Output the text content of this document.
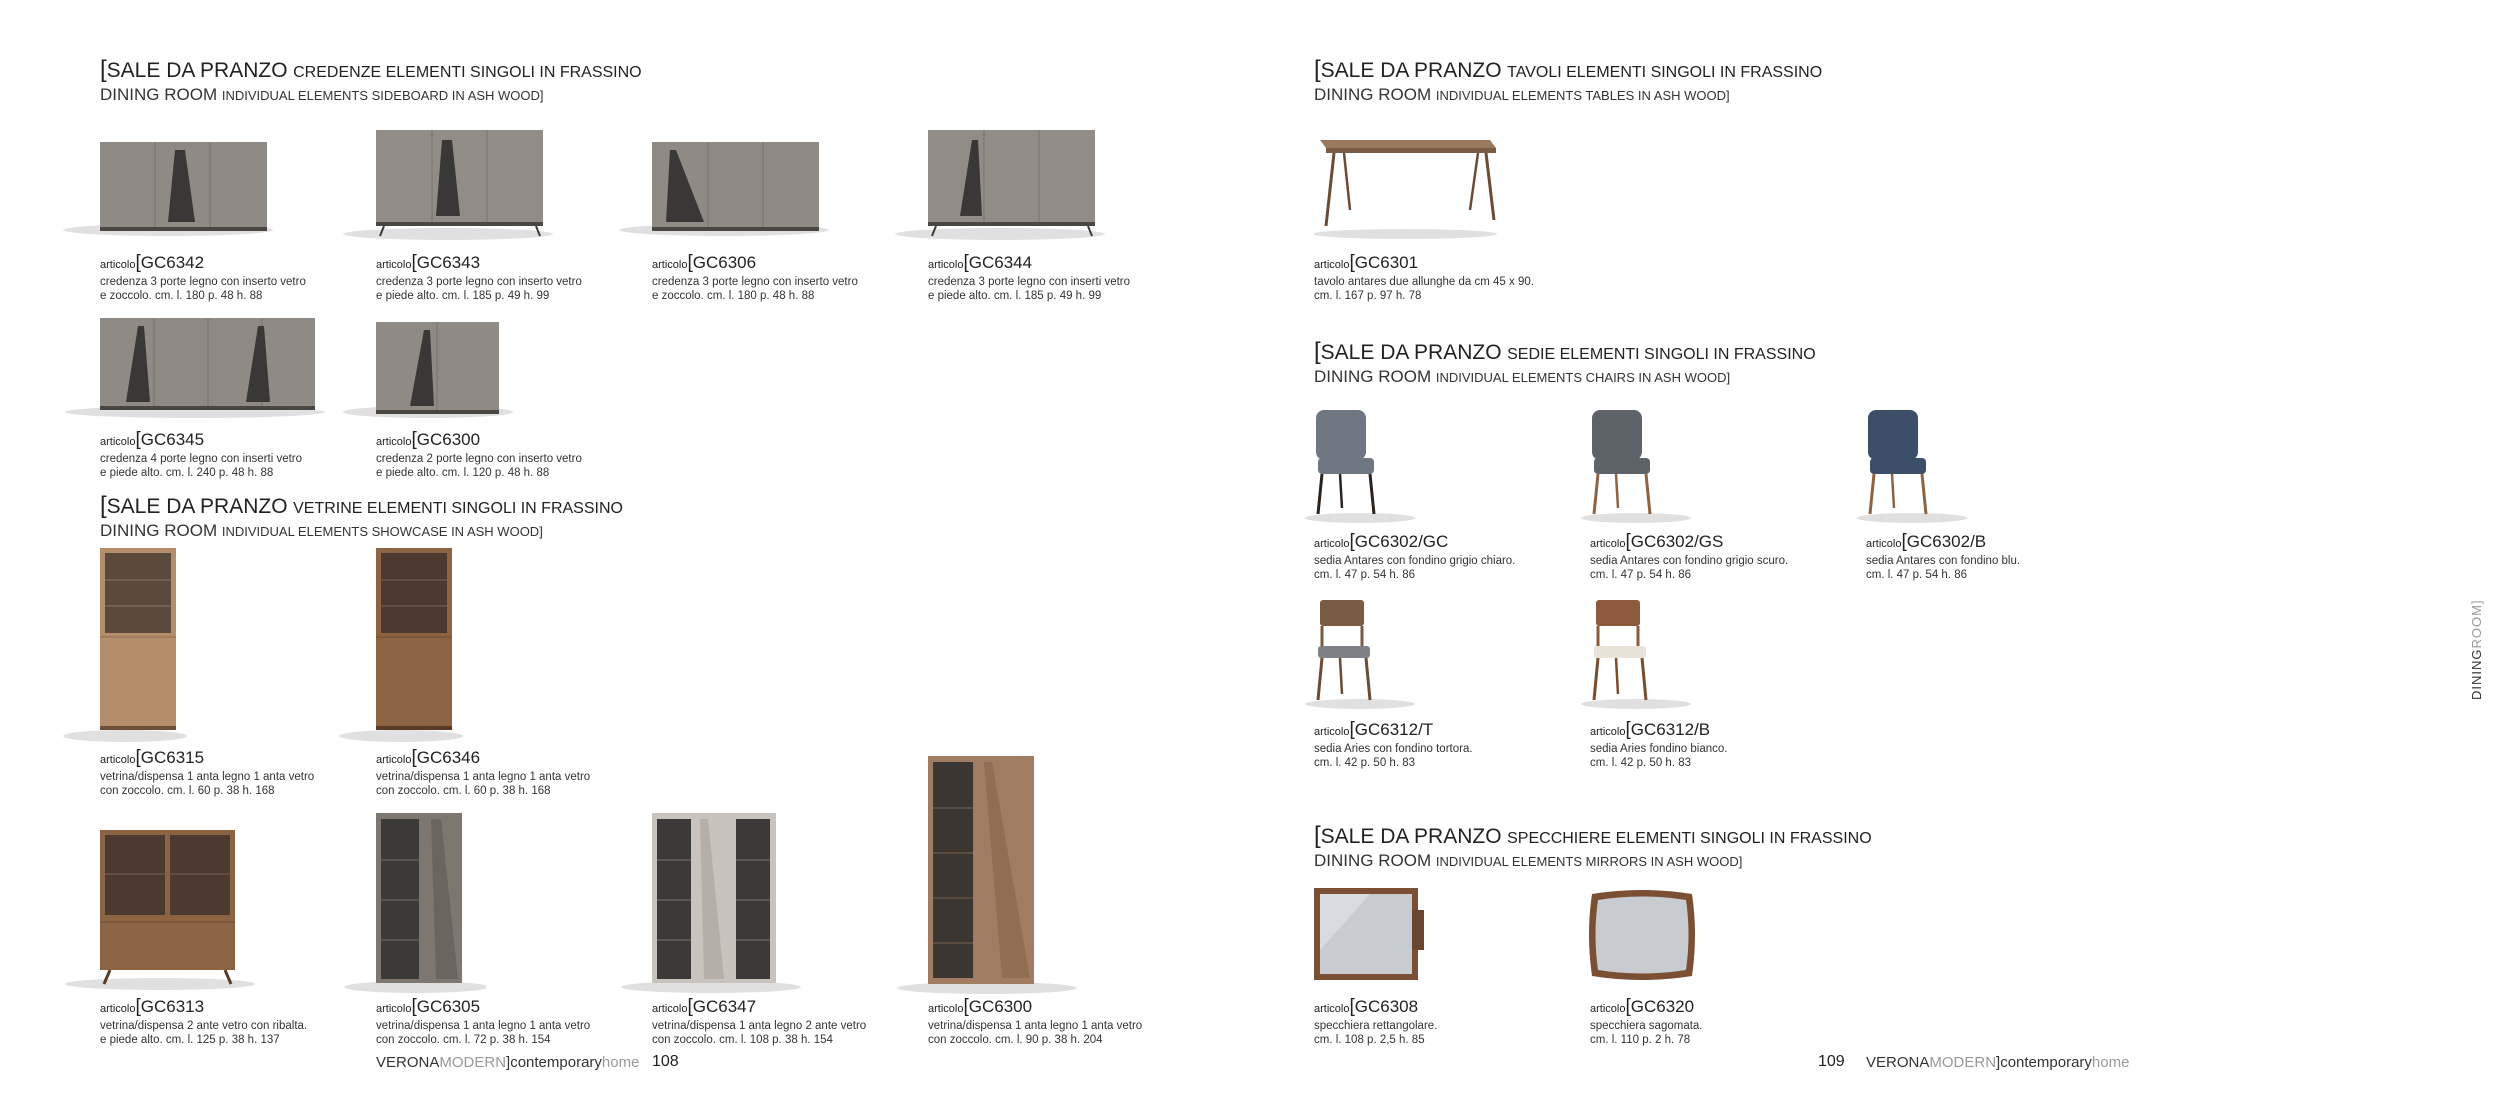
[SALE DA PRANZO CREDENZE ELEMENTI SINGOLI IN FRASSINO
DINING ROOM INDIVIDUAL ELEMENTS SIDEBOARD IN ASH WOOD]
[SALE DA PRANZO VETRINE ELEMENTI SINGOLI IN FRASSINO
DINING ROOM INDIVIDUAL ELEMENTS SHOWCASE IN ASH WOOD]
[SALE DA PRANZO TAVOLI ELEMENTI SINGOLI IN FRASSINO
DINING ROOM INDIVIDUAL ELEMENTS TABLES IN ASH WOOD]
[SALE DA PRANZO SEDIE ELEMENTI SINGOLI IN FRASSINO
DINING ROOM INDIVIDUAL ELEMENTS CHAIRS IN ASH WOOD]
[SALE DA PRANZO SPECCHIERE ELEMENTI SINGOLI IN FRASSINO
DINING ROOM INDIVIDUAL ELEMENTS MIRRORS IN ASH WOOD]
articolo[GC6342
credenza 3 porte legno con inserto vetro
e zoccolo. cm. l. 180 p. 48 h. 88
articolo[GC6343
credenza 3 porte legno con inserto vetro
e piede alto. cm. l. 185 p. 49 h. 99
articolo[GC6306
credenza 3 porte legno con inserto vetro
e zoccolo. cm. l. 180 p. 48 h. 88
articolo[GC6344
credenza 3 porte legno con inserti vetro
e piede alto. cm. l. 185 p. 49 h. 99
articolo[GC6345
credenza 4 porte legno con inserti vetro
e piede alto. cm. l. 240 p. 48 h. 88
articolo[GC6300
credenza 2 porte legno con inserto vetro
e piede alto. cm. l. 120 p. 48 h. 88
articolo[GC6315
vetrina/dispensa 1 anta legno 1 anta vetro
con zoccolo. cm. l. 60 p. 38 h. 168
articolo[GC6346
vetrina/dispensa 1 anta legno 1 anta vetro
con zoccolo. cm. l. 60 p. 38 h. 168
articolo[GC6313
vetrina/dispensa 2 ante vetro con ribalta.
e piede alto. cm. l. 125 p. 38 h. 137
articolo[GC6305
vetrina/dispensa 1 anta legno 1 anta vetro
con zoccolo. cm. l. 72 p. 38 h. 154
articolo[GC6347
vetrina/dispensa 1 anta legno 2 ante vetro
con zoccolo. cm. l. 108 p. 38 h. 154
articolo[GC6300
vetrina/dispensa 1 anta legno 1 anta vetro
con zoccolo. cm. l. 90 p. 38 h. 204
articolo[GC6301
tavolo antares due allunghe da cm 45 x 90.
cm. l. 167 p. 97 h. 78
articolo[GC6302/GC
sedia Antares con fondino grigio chiaro.
cm. l. 47 p. 54 h. 86
articolo[GC6302/GS
sedia Antares con fondino grigio scuro.
cm. l. 47 p. 54 h. 86
articolo[GC6302/B
sedia Antares con fondino blu.
cm. l. 47 p. 54 h. 86
articolo[GC6312/T
sedia Aries con fondino tortora.
cm. l. 42 p. 50 h. 83
articolo[GC6312/B
sedia Aries fondino bianco.
cm. l. 42 p. 50 h. 83
articolo[GC6308
specchiera rettangolare.
cm. l. 108 p. 2,5 h. 85
articolo[GC6320
specchiera sagomata.
cm. l. 110 p. 2 h. 78
VERONAMODERN]contemporaryhome 108	109 VERONAMODERN]contemporaryhome
DININGROOM]
